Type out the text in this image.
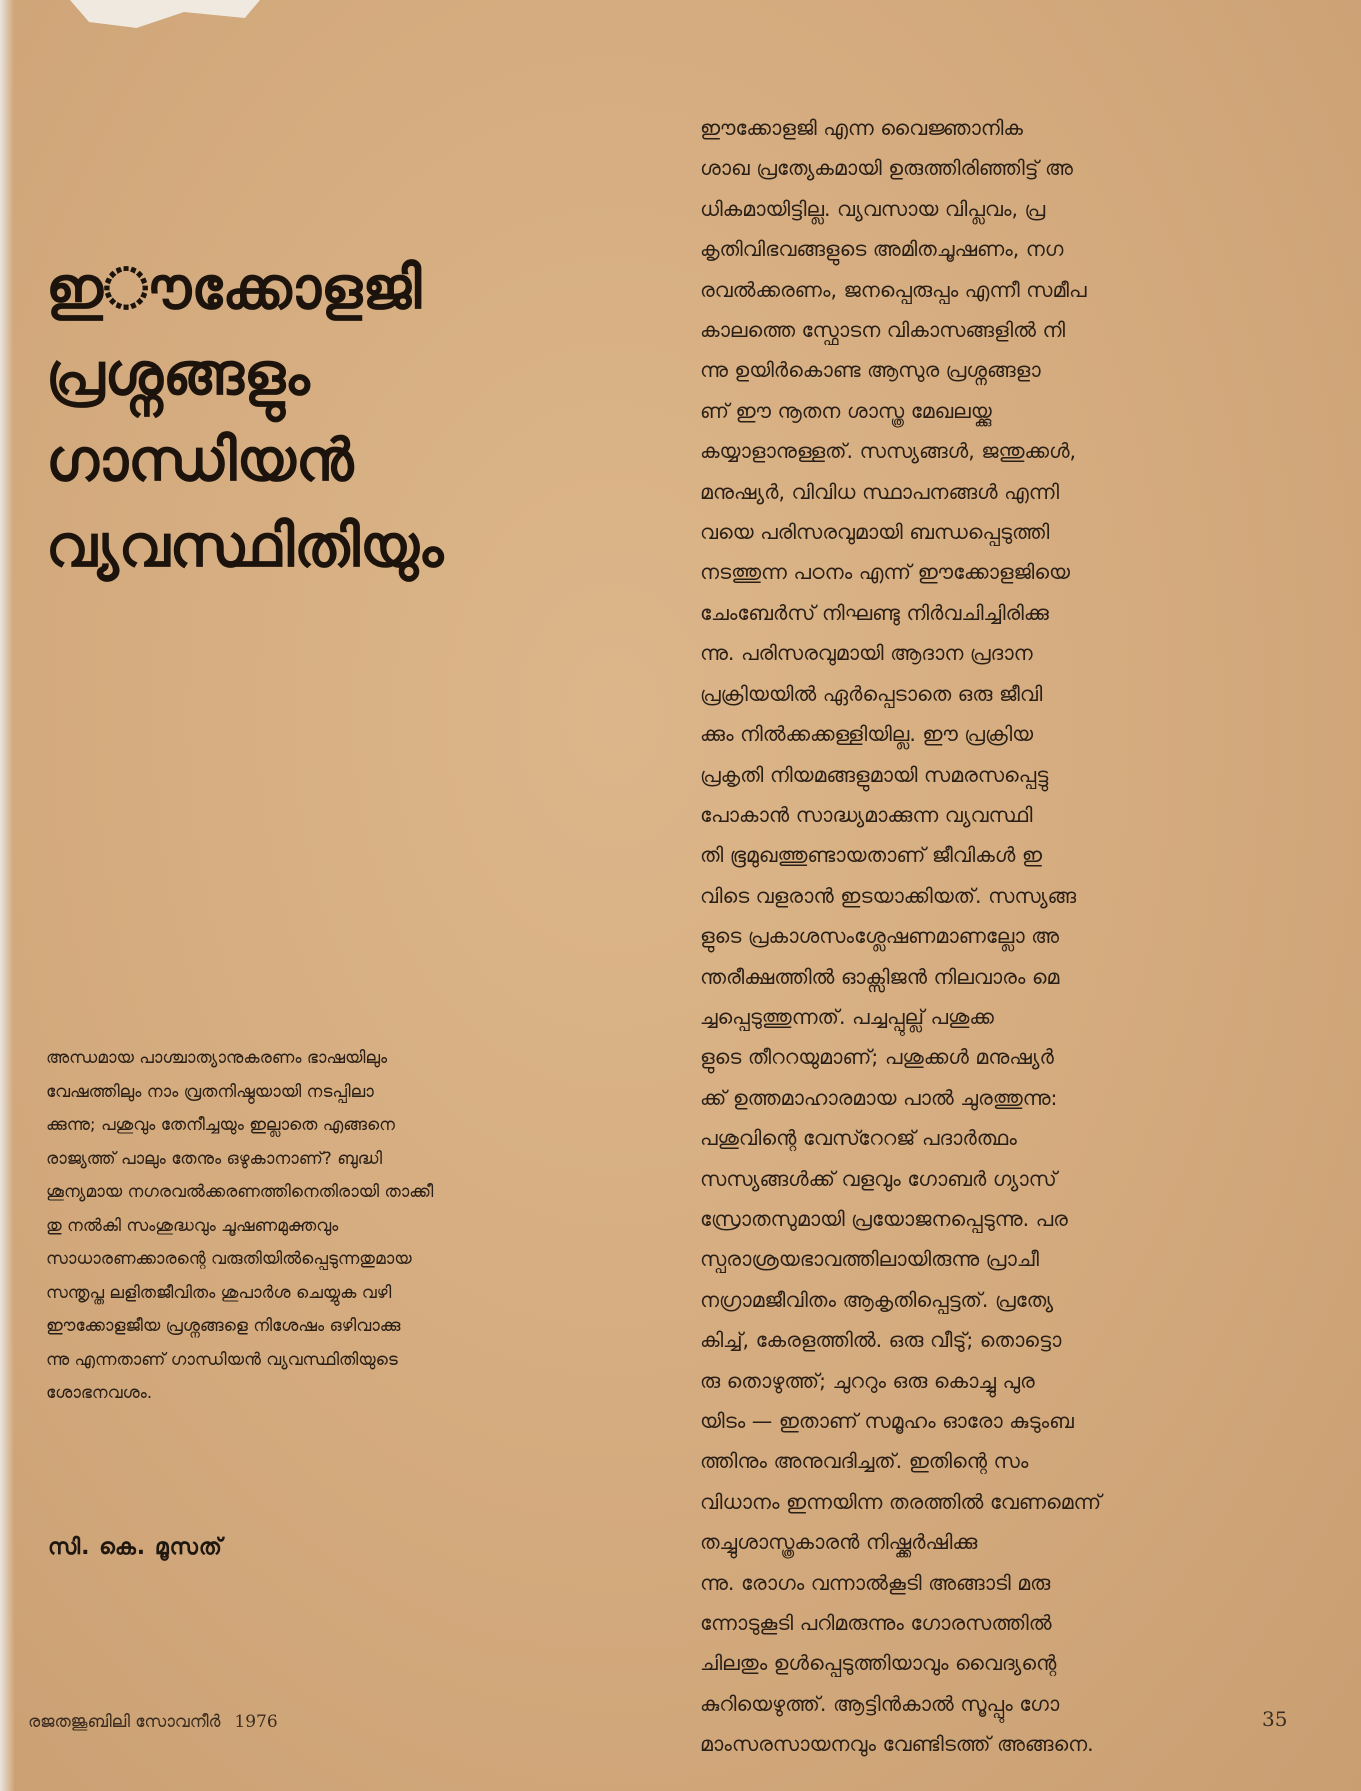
ഇൗക്കോളജി
പ്രശ്നങ്ങളും
ഗാന്ധിയൻ
വ്യവസ്ഥിതിയും
ഈക്കോളജി എന്ന വൈജ്ഞാനിക
ശാഖ പ്രത്യേകമായി ഉരുത്തിരിഞ്ഞിട്ട് അ
ധികമായിട്ടില്ല. വ്യവസായ വിപ്ലവം, പ്ര
കൃതിവിഭവങ്ങളുടെ അമിതചൂഷണം, നഗ
രവൽക്കരണം, ജനപ്പെരുപ്പം എന്നീ സമീപ
കാലത്തെ സ്ഫോടന വികാസങ്ങളിൽ നി
ന്നു ഉയിർകൊണ്ട ആസുര പ്രശ്നങ്ങളാ
ണ് ഈ നൂതന ശാസ്ത്ര മേഖലയ്ക്കു
കയ്യാളാനുള്ളത്. സസ്യങ്ങൾ, ജന്തുക്കൾ,
മനുഷ്യർ, വിവിധ സ്ഥാപനങ്ങൾ എന്നി
വയെ പരിസരവുമായി ബന്ധപ്പെടുത്തി
നടത്തുന്ന പഠനം എന്ന് ഈക്കോളജിയെ
ചേംബേർസ് നിഘണ്ടു നിർവചിച്ചിരിക്കു
ന്നു. പരിസരവുമായി ആദാന പ്രദാന
പ്രക്രിയയിൽ ഏർപ്പെടാതെ ഒരു ജീവി
ക്കും നിൽക്കക്കള്ളിയില്ല. ഈ പ്രക്രിയ
പ്രകൃതി നിയമങ്ങളുമായി സമരസപ്പെട്ടു
പോകാൻ സാദ്ധ്യമാക്കുന്ന വ്യവസ്ഥി
തി ഭൂമുഖത്തുണ്ടായതാണ് ജീവികൾ ഇ
വിടെ വളരാൻ ഇടയാക്കിയത്. സസ്യങ്ങ
ളുടെ പ്രകാശസംശ്ലേഷണമാണല്ലോ അ
ന്തരീക്ഷത്തിൽ ഓക്സിജൻ നിലവാരം മെ
ച്ചപ്പെടുത്തുന്നത്. പച്ചപ്പുല്ല് പശുക്ക
ളുടെ തീററയുമാണ്; പശുക്കൾ മനുഷ്യർ
ക്ക് ഉത്തമാഹാരമായ പാൽ ചുരത്തുന്നു:
പശുവിന്റെ വേസ്റേറജ് പദാർത്ഥം
സസ്യങ്ങൾക്ക് വളവും ഗോബർ ഗ്യാസ്
സ്രോതസുമായി പ്രയോജനപ്പെടുന്നു. പര
സ്പരാശ്രയഭാവത്തിലായിരുന്നു പ്രാചീ
നഗ്രാമജീവിതം ആകൃതിപ്പെട്ടത്. പ്രത്യേ
കിച്ച്, കേരളത്തിൽ. ഒരു വീടു്; തൊട്ടൊ
രു തൊഴുത്ത്; ചുററും ഒരു കൊച്ചു പുര
യിടം — ഇതാണ് സമൂഹം ഓരോ കുടുംബ
ത്തിനും അനുവദിച്ചത്. ഇതിന്റെ സം
വിധാനം ഇന്നയിന്ന തരത്തിൽ വേണമെന്ന്
തച്ചുശാസ്ത്രകാരൻ നിഷ്ക്കർഷിക്കു
ന്നു. രോഗം വന്നാൽകൂടി അങ്ങാടി മരു
ന്നോടുകൂടി പറിമരുന്നും ഗോരസത്തിൽ
ചിലതും ഉൾപ്പെടുത്തിയാവും വൈദ്യന്റെ
കുറിയെഴുത്ത്. ആട്ടിൻകാൽ സൂപ്പും ഗോ
മാംസരസായനവും വേണ്ടിടത്ത് അങ്ങനെ.
അന്ധമായ പാശ്ചാത്യാനുകരണം ഭാഷയിലും
വേഷത്തിലും നാം വ്രതനിഷ്ഠയായി നടപ്പിലാ
ക്കുന്നു; പശുവും തേനീച്ചയും ഇല്ലാതെ എങ്ങനെ
രാജ്യത്ത് പാലും തേനും ഒഴുകാനാണ്? ബുദ്ധി
ശൂന്യമായ നഗരവൽക്കരണത്തിനെതിരായി താക്കീ
തു നൽകി സംശുദ്ധവും ചൂഷണമുക്തവും
സാധാരണക്കാരന്റെ വരുതിയിൽപ്പെടുന്നതുമായ
സന്തൃപ്ത ലളിതജീവിതം ശുപാർശ ചെയ്യുക വഴി
ഈക്കോളജീയ പ്രശ്നങ്ങളെ നിശേഷം ഒഴിവാക്കു
ന്നു എന്നതാണ് ഗാന്ധിയൻ വ്യവസ്ഥിതിയുടെ
ശോഭനവശം.

സി. കെ. മൂസത്

രജതജൂബിലി സോവനീർ 1976	35
